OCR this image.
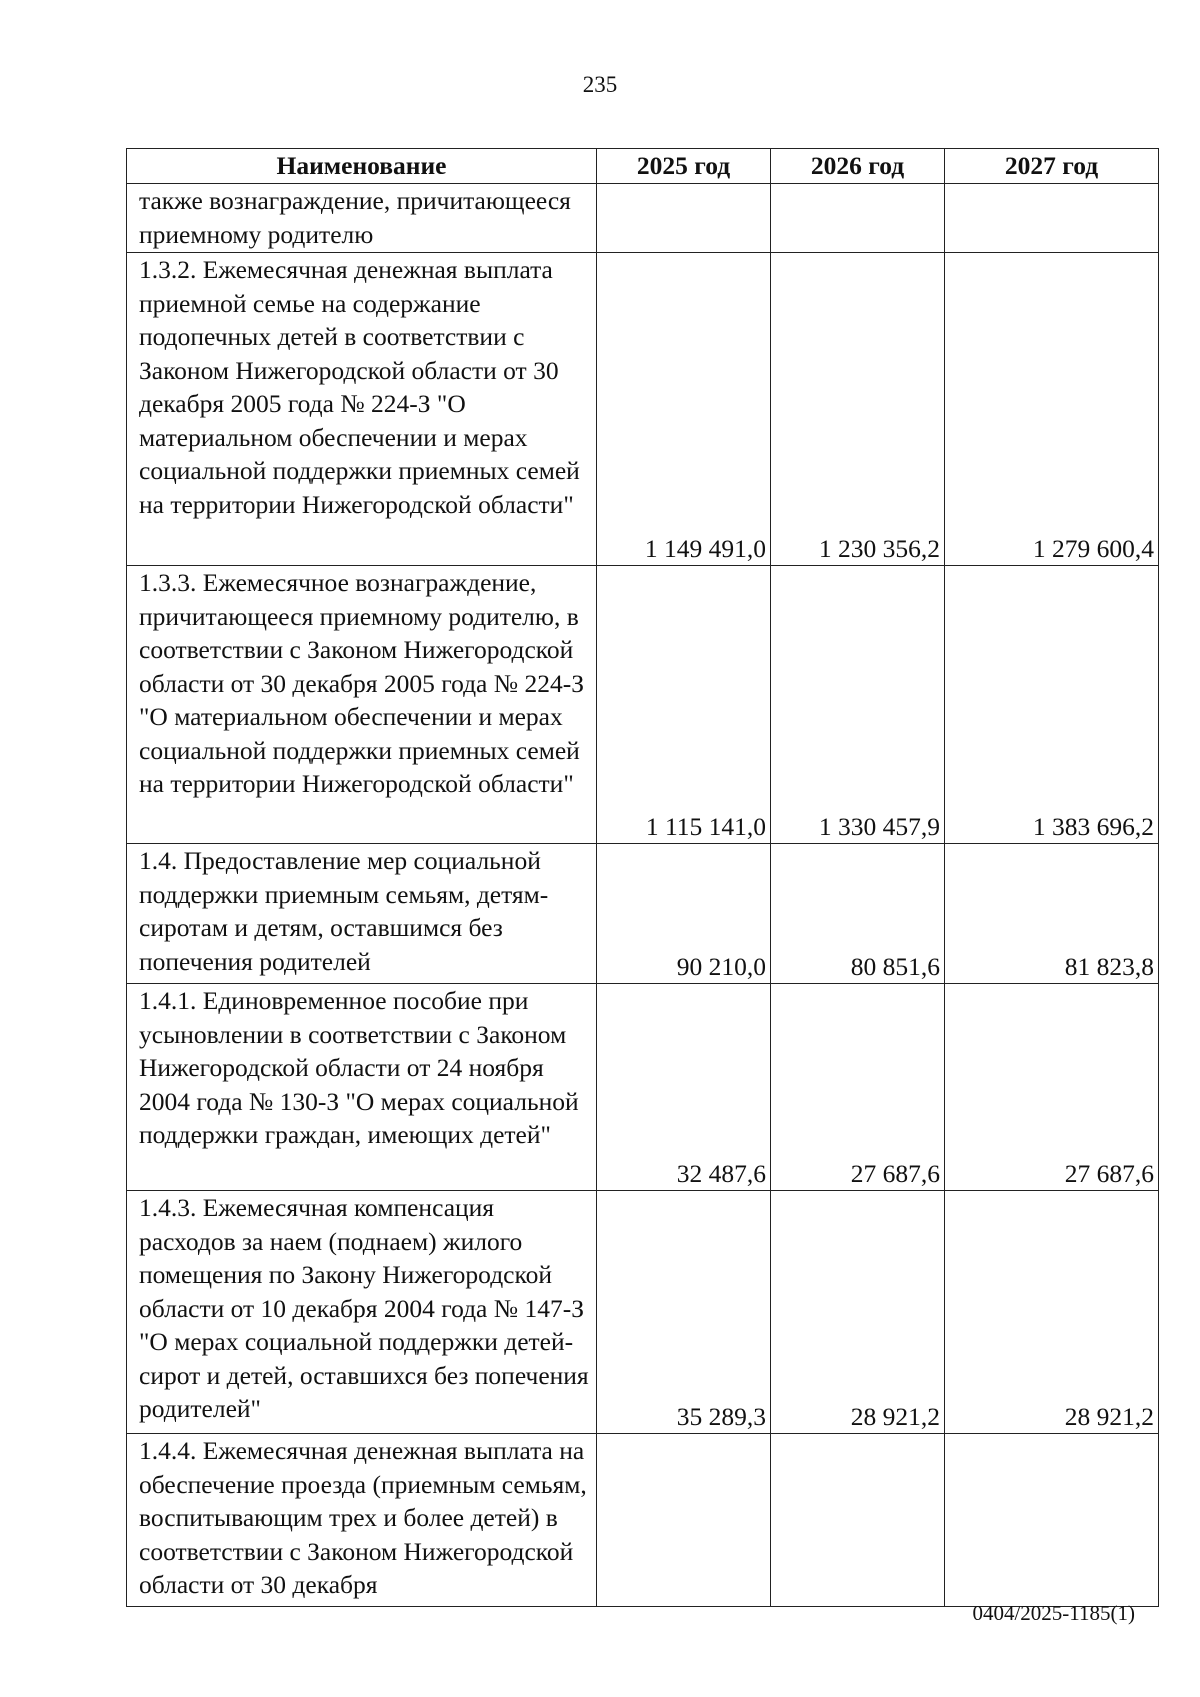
235
Наименование	2025 год	2026 год	2027 год
также вознаграждение, причитающееся приемному родителю			
1.3.2. Ежемесячная денежная выплата приемной семье на содержание подопечных детей в соответствии с Законом Нижегородской области от 30 декабря 2005 года № 224-З "О материальном обеспечении и мерах социальной поддержки приемных семей на территории Нижегородской области"	1 149 491,0	1 230 356,2	1 279 600,4
1.3.3. Ежемесячное вознаграждение, причитающееся приемному родителю, в соответствии с Законом Нижегородской области от 30 декабря 2005 года № 224-З "О материальном обеспечении и мерах социальной поддержки приемных семей на территории Нижегородской области"	1 115 141,0	1 330 457,9	1 383 696,2
1.4. Предоставление мер социальной поддержки приемным семьям, детям-сиротам и детям, оставшимся без попечения родителей	90 210,0	80 851,6	81 823,8
1.4.1. Единовременное пособие при усыновлении в соответствии с Законом Нижегородской области от 24 ноября 2004 года № 130-З "О мерах социальной поддержки граждан, имеющих детей"	32 487,6	27 687,6	27 687,6
1.4.3. Ежемесячная компенсация расходов за наем (поднаем) жилого помещения по Закону Нижегородской области от 10 декабря 2004 года № 147-З "О мерах социальной поддержки детей-сирот и детей, оставшихся без попечения родителей"	35 289,3	28 921,2	28 921,2
1.4.4. Ежемесячная денежная выплата на обеспечение проезда (приемным семьям, воспитывающим трех и более детей) в соответствии с Законом Нижегородской области от 30 декабря			
0404/2025-1185(1)
